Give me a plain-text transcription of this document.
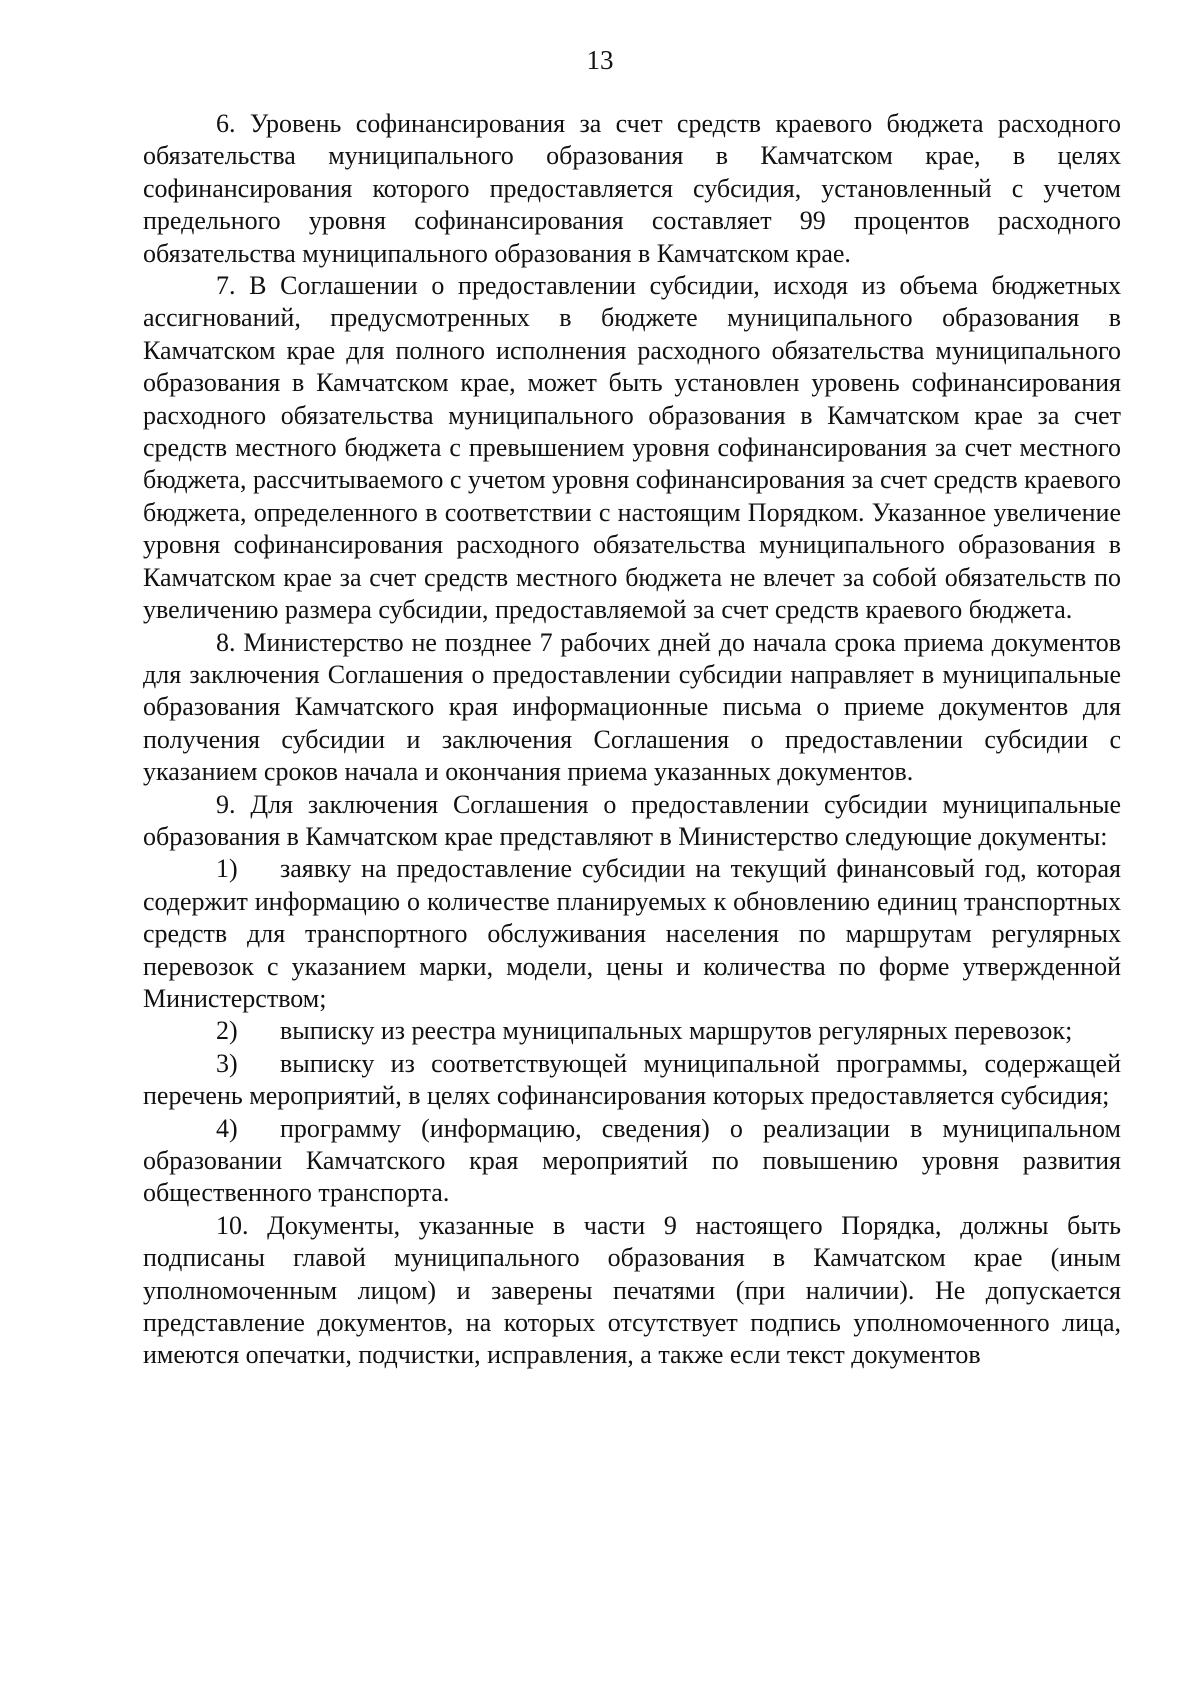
13

6. Уровень софинансирования за счет средств краевого бюджета расходного обязательства муниципального образования в Камчатском крае, в целях софинансирования которого предоставляется субсидия, установленный с учетом предельного уровня софинансирования составляет 99 процентов расходного обязательства муниципального образования в Камчатском крае.

7. В Соглашении о предоставлении субсидии, исходя из объема бюджетных ассигнований, предусмотренных в бюджете муниципального образования в Камчатском крае для полного исполнения расходного обязательства муниципального образования в Камчатском крае, может быть установлен уровень софинансирования расходного обязательства муниципального образования в Камчатском крае за счет средств местного бюджета с превышением уровня софинансирования за счет местного бюджета, рассчитываемого с учетом уровня софинансирования за счет средств краевого бюджета, определенного в соответствии с настоящим Порядком. Указанное увеличение уровня софинансирования расходного обязательства муниципального образования в Камчатском крае за счет средств местного бюджета не влечет за собой обязательств по увеличению размера субсидии, предоставляемой за счет средств краевого бюджета.

8. Министерство не позднее 7 рабочих дней до начала срока приема документов для заключения Соглашения о предоставлении субсидии направляет в муниципальные образования Камчатского края информационные письма о приеме документов для получения субсидии и заключения Соглашения о предоставлении субсидии с указанием сроков начала и окончания приема указанных документов.

9. Для заключения Соглашения о предоставлении субсидии муниципальные образования в Камчатском крае представляют в Министерство следующие документы:

1) заявку на предоставление субсидии на текущий финансовый год, которая содержит информацию о количестве планируемых к обновлению единиц транспортных средств для транспортного обслуживания населения по маршрутам регулярных перевозок с указанием марки, модели, цены и количества по форме утвержденной Министерством;

2) выписку из реестра муниципальных маршрутов регулярных перевозок;

3) выписку из соответствующей муниципальной программы, содержащей перечень мероприятий, в целях софинансирования которых предоставляется субсидия;

4) программу (информацию, сведения) о реализации в муниципальном образовании Камчатского края мероприятий по повышению уровня развития общественного транспорта.

10. Документы, указанные в части 9 настоящего Порядка, должны быть подписаны главой муниципального образования в Камчатском крае (иным уполномоченным лицом) и заверены печатями (при наличии). Не допускается представление документов, на которых отсутствует подпись уполномоченного лица, имеются опечатки, подчистки, исправления, а также если текст документов
